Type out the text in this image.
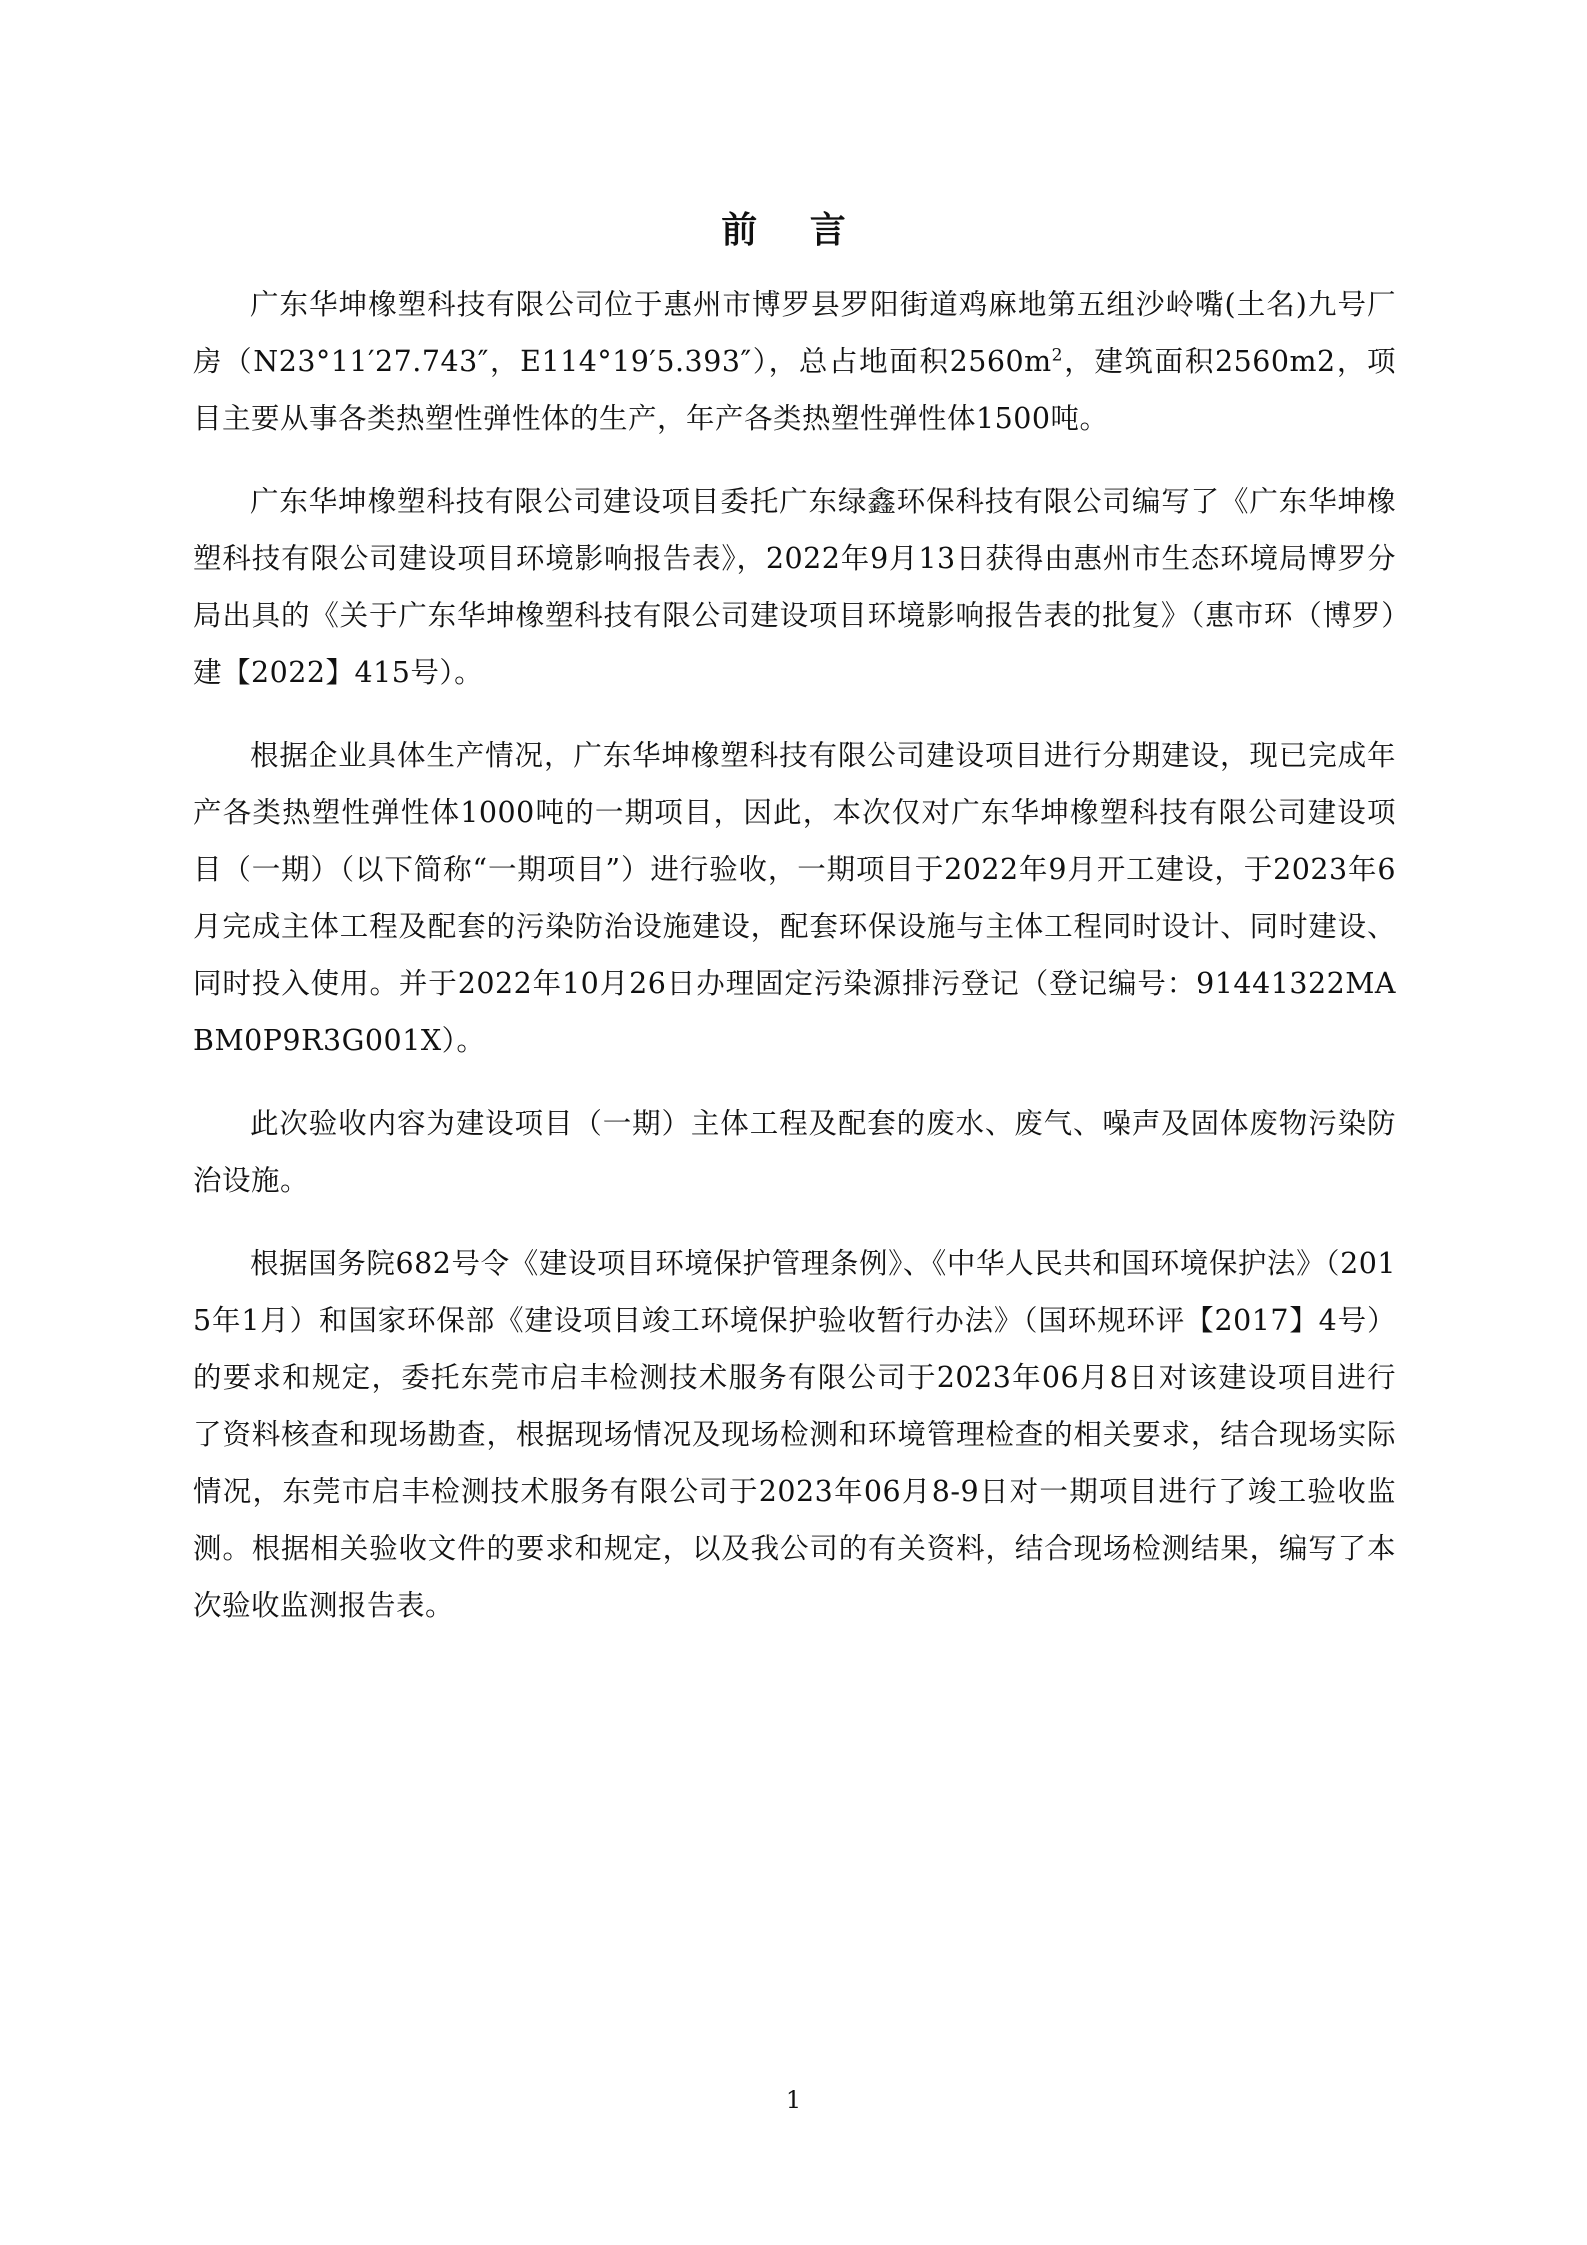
前 言

广东华坤橡塑科技有限公司位于惠州市博罗县罗阳街道鸡麻地第五组沙岭嘴(土名)九号厂房（N23°11′27.743″，E114°19′5.393″），总占地面积$2560m^2$，建筑面积2560m2，项目主要从事各类热塑性弹性体的生产，年产各类热塑性弹性体1500吨。

广东华坤橡塑科技有限公司建设项目委托广东绿鑫环保科技有限公司编写了《广东华坤橡塑科技有限公司建设项目环境影响报告表》，2022年9月13日获得由惠州市生态环境局博罗分局出具的《关于广东华坤橡塑科技有限公司建设项目环境影响报告表的批复》（惠市环（博罗）建【2022】415号）。

根据企业具体生产情况，广东华坤橡塑科技有限公司建设项目进行分期建设，现已完成年产各类热塑性弹性体1000吨的一期项目，因此，本次仅对广东华坤橡塑科技有限公司建设项目（一期）（以下简称“一期项目”）进行验收，一期项目于2022年9月开工建设，于2023年6月完成主体工程及配套的污染防治设施建设，配套环保设施与主体工程同时设计、同时建设、同时投入使用。并于2022年10月26日办理固定污染源排污登记（登记编号：91441322MABM0P9R3G001X）。

此次验收内容为建设项目（一期）主体工程及配套的废水、废气、噪声及固体废物污染防治设施。

根据国务院682号令《建设项目环境保护管理条例》、《中华人民共和国环境保护法》（2015年1月）和国家环保部《建设项目竣工环境保护验收暂行办法》（国环规环评【2017】4号）的要求和规定，委托东莞市启丰检测技术服务有限公司于2023年06月8日对该建设项目进行了资料核查和现场勘查，根据现场情况及现场检测和环境管理检查的相关要求，结合现场实际情况，东莞市启丰检测技术服务有限公司于2023年06月8-9日对一期项目进行了竣工验收监测。根据相关验收文件的要求和规定，以及我公司的有关资料，结合现场检测结果，编写了本次验收监测报告表。

1
